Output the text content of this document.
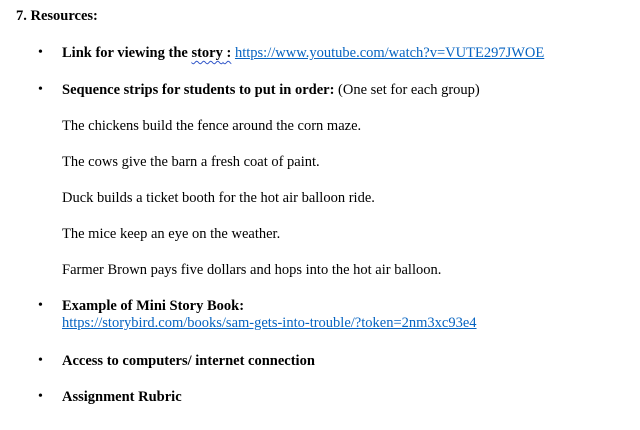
7. Resources:
• Link for viewing the story : https://www.youtube.com/watch?v=VUTE297JWOE
• Sequence strips for students to put in order: (One set for each group)
The chickens build the fence around the corn maze.
The cows give the barn a fresh coat of paint.
Duck builds a ticket booth for the hot air balloon ride.
The mice keep an eye on the weather.
Farmer Brown pays five dollars and hops into the hot air balloon.
• Example of Mini Story Book:
https://storybird.com/books/sam-gets-into-trouble/?token=2nm3xc93e4
• Access to computers/ internet connection
• Assignment Rubric
